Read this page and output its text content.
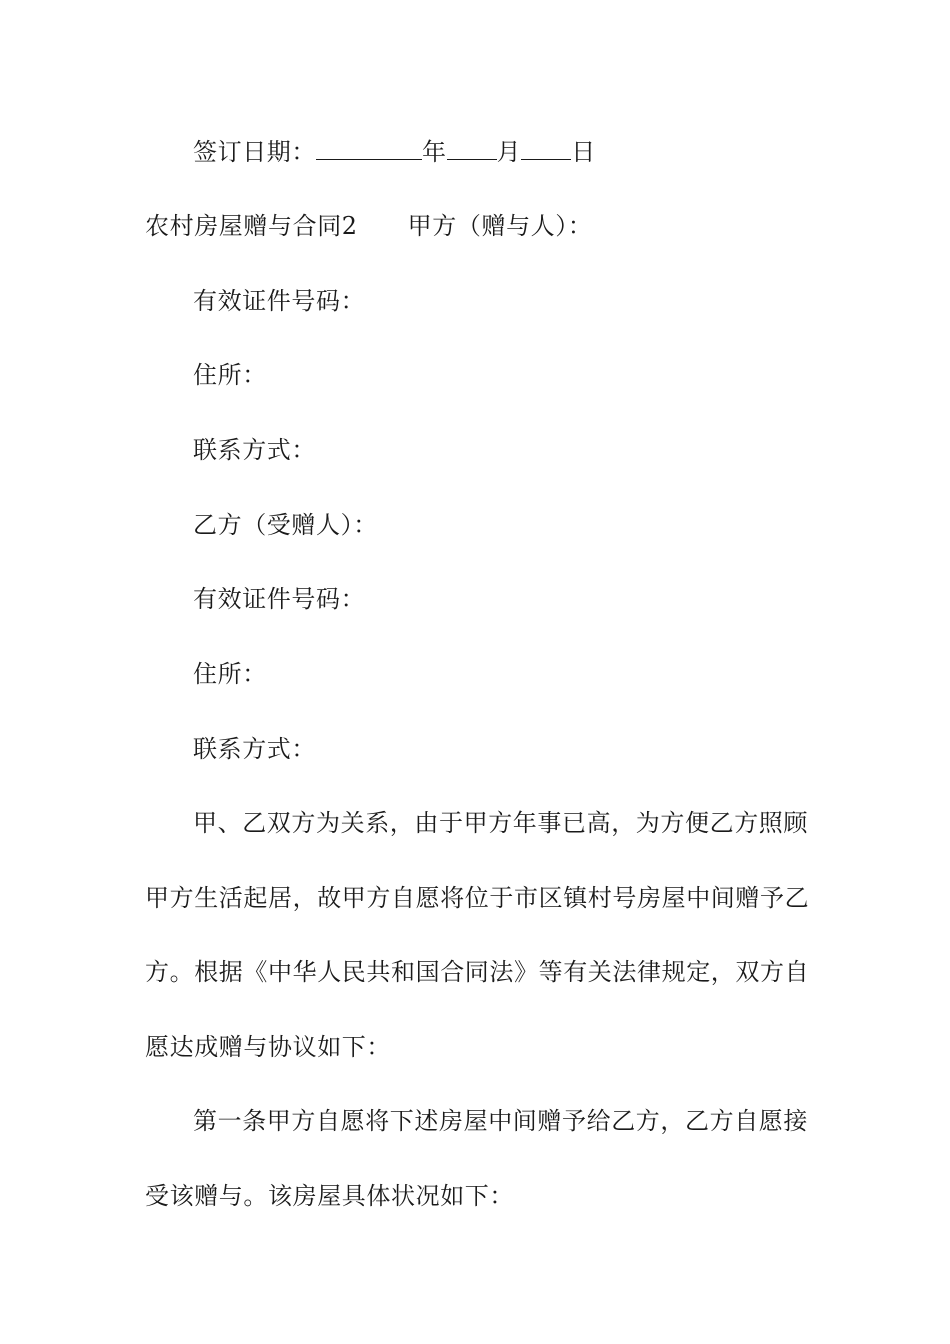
签订日期：	年 月 日
农村房屋赠与合同2 甲方（赠与人）：
有效证件号码：
住所：
联系方式：
乙方（受赠人）：
有效证件号码：
住所：
联系方式：
甲、乙双方为关系，由于甲方年事已高，为方便乙方照顾
甲方生活起居，故甲方自愿将位于市区镇村号房屋中间赠予乙
方。根据《中华人民共和国合同法》等有关法律规定，双方自
愿达成赠与协议如下：
第一条甲方自愿将下述房屋中间赠予给乙方，乙方自愿接
受该赠与。该房屋具体状况如下：
